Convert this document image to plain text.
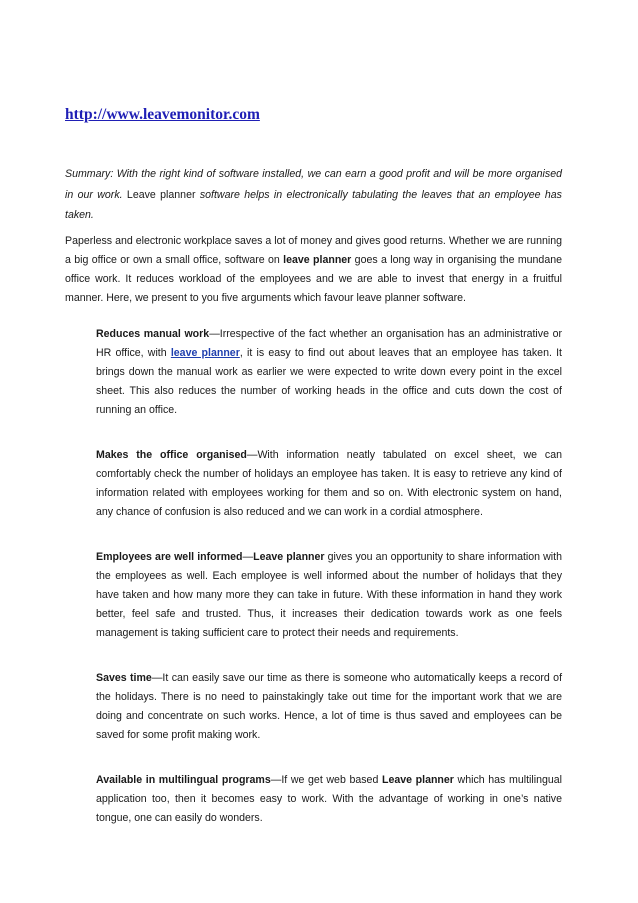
http://www.leavemonitor.com

Summary: With the right kind of software installed, we can earn a good profit and will be more organised in our work. Leave planner software helps in electronically tabulating the leaves that an employee has taken.

Paperless and electronic workplace saves a lot of money and gives good returns. Whether we are running a big office or own a small office, software on leave planner goes a long way in organising the mundane office work. It reduces workload of the employees and we are able to invest that energy in a fruitful manner. Here, we present to you five arguments which favour leave planner software.

Reduces manual work—Irrespective of the fact whether an organisation has an administrative or HR office, with leave planner, it is easy to find out about leaves that an employee has taken. It brings down the manual work as earlier we were expected to write down every point in the excel sheet. This also reduces the number of working heads in the office and cuts down the cost of running an office.

Makes the office organised—With information neatly tabulated on excel sheet, we can comfortably check the number of holidays an employee has taken. It is easy to retrieve any kind of information related with employees working for them and so on. With electronic system on hand, any chance of confusion is also reduced and we can work in a cordial atmosphere.

Employees are well informed—Leave planner gives you an opportunity to share information with the employees as well. Each employee is well informed about the number of holidays that they have taken and how many more they can take in future. With these information in hand they work better, feel safe and trusted. Thus, it increases their dedication towards work as one feels management is taking sufficient care to protect their needs and requirements.

Saves time—It can easily save our time as there is someone who automatically keeps a record of the holidays. There is no need to painstakingly take out time for the important work that we are doing and concentrate on such works. Hence, a lot of time is thus saved and employees can be saved for some profit making work.

Available in multilingual programs—If we get web based Leave planner which has multilingual application too, then it becomes easy to work. With the advantage of working in one’s native tongue, one can easily do wonders.
